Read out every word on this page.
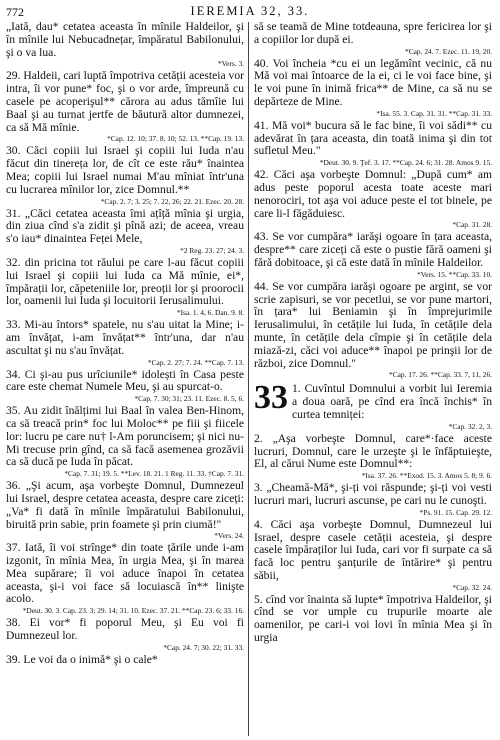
772	IEREMIA 32, 33.

„Iată, dau* cetatea aceasta în mînile Haldeilor, şi în mînile lui Nebucadnețar, împăratul Babilonului, şi o va lua.

*Vers. 3.

29. Haldeii, cari luptă împotriva cetății acesteia vor intra, îi vor pune* foc, şi o vor arde, împreună cu casele pe acoperişul** cărora au adus tămîie lui Baal şi au turnat jertfe de băutură altor dumnezei, ca să Mă mînie.

*Cap. 12. 10; 37. 8, 10; 52. 13. **Cap. 19. 13.

30. Căci copiii lui Israel şi copiii lui Iuda n'au făcut din tinereța lor, de cît ce este rău* înaintea Mea; copiii lui Israel numai M'au mîniat într'una cu lucrarea mînilor lor, zice Domnul.**

*Cap. 2. 7; 3. 25; 7. 22, 26; 22. 21. Ezec. 20. 28.

31. „Căci cetatea aceasta îmi ațîță mînia şi urgia, din ziua cînd s'a zidit şi pînă azi; de aceea, vreau s'o iau* dinaintea Feței Mele,

*2 Reg. 23. 27; 24. 3.

32. din pricina tot răului pe care l-au făcut copiii lui Israel şi copiii lui Iuda ca Mă mînie, ei*, împărații lor, căpeteniile lor, preoții lor şi proorocii lor, oamenii lui Iuda şi locuitorii Ierusalimului.

*Isa. 1. 4, 6. Dan. 9. 8.

33. Mi-au întors* spatele, nu s'au uitat la Mine; i-am învățat, i-am învățat** într'una, dar n'au ascultat şi nu s'au învățat.

*Cap. 2. 27; 7. 24. **Cap. 7. 13.

34. Ci şi-au pus urîciunile* idolești în Casa peste care este chemat Numele Meu, şi au spurcat-o.

*Cap. 7. 30; 31; 23. 11. Ezec. 8. 5, 6.

35. Au zidit înălțimi lui Baal în valea Ben-Hinom, ca să treacă prin* foc lui Moloc** pe fiii şi fiicele lor: lucru pe care nu† l-Am poruncisem; şi nici nu-Mi trecuse prin gînd, ca să facă asemenea grozăvii ca să ducă pe Iuda în păcat.

*Cap. 7. 31; 19. 5. **Lev. 18. 21. 1 Reg. 11. 33. †Cap. 7. 31.

36. „Şi acum, aşa vorbeşte Domnul, Dumnezeul lui Israel, despre cetatea aceasta, despre care ziceți: „Va* fi dată în mînile împăratului Babilonului, biruită prin sabie, prin foamete şi prin ciumă!"

*Vers. 24.

37. Iată, îi voi strînge* din toate țările unde i-am izgonit, în mînia Mea, în urgia Mea, şi în marea Mea supărare; îi voi aduce înapoi în cetatea aceasta, şi-i voi face să locuiască în** linişte acolo.

*Deut. 30. 3. Cap. 23. 3; 29. 14; 31. 10. Ezec. 37. 21. **Cap. 23. 6; 33. 16.

38. Ei vor* fi poporul Meu, şi Eu voi fi Dumnezeul lor.

*Cap. 24. 7; 30. 22; 31. 33.

39. Le voi da o inimă* şi o cale*

să se teamă de Mine totdeauna, spre fericirea lor şi a copiilor lor după ei.

*Cap. 24. 7. Ezec. 11. 19, 20.

40. Voi încheia *cu ei un legămînt vecinic, că nu Mă voi mai întoarce de la ei, ci le voi face bine, şi le voi pune în inimă frica** de Mine, ca să nu se depărteze de Mine.

*Isa. 55. 3. Cap. 31. 31. **Cap. 31. 33.

41. Mă voi* bucura să le fac bine, îi voi sădi** cu adevărat în țara aceasta, din toată inima şi din tot sufletul Meu."

*Deut. 30. 9. Ţef. 3. 17. **Cap. 24. 6; 31. 28. Amos 9. 15.

42. Căci aşa vorbeşte Domnul: „După cum* am adus peste poporul acesta toate aceste mari nenorociri, tot aşa voi aduce peste el tot binele, pe care li-l făgăduiesc.

*Cap. 31. 28.

43. Se vor cumpăra* iarăşi ogoare în țara aceasta, despre** care ziceți că este o pustie fără oameni şi fără dobitoace, şi că este dată în mînile Haldeilor.

*Vers. 15. **Cap. 33. 10.

44. Se vor cumpăra iarăşi ogoare pe argint, se vor scrie zapisuri, se vor pecetlui, se vor pune martori, în țara* lui Beniamin şi în împrejurimile Ierusalimului, în cetățile lui Iuda, în cetățile dela munte, în cetățile dela cîmpie şi în cetățile dela miază-zi, căci voi aduce** înapoi pe prinşii lor de război, zice Domnul."

*Cap. 17. 26. **Cap. 33. 7, 11, 26.

33 1. Cuvîntul Domnului a vorbit lui Ieremia a doua oară, pe cînd era încă închis* în curtea temniței:

*Cap. 32. 2, 3.

2. „Aşa vorbeşte Domnul, care*·face aceste lucruri, Domnul, care le urzeşte şi le înfăptuieşte, El, al cărui Nume este Domnul**:

*Isa. 37. 26. **Exod. 15. 3. Amos 5. 8; 9. 6.

3. „Cheamă-Mă*, şi-ți voi răspunde; şi-ți voi vesti lucruri mari, lucruri ascunse, pe cari nu le cunoşti.

*Ps. 91. 15. Cap. 29. 12.

4. Căci aşa vorbeşte Domnul, Dumnezeul lui Israel, despre casele cetății acesteia, şi despre casele împăraților lui Iuda, cari vor fi surpate ca să facă loc pentru şanțurile de întărire* şi pentru săbii,

*Cap. 32. 24.

5. cînd vor înainta să lupte* împotriva Haldeilor, şi cînd se vor umple cu trupurile moarte ale oamenilor, pe cari-i voi lovi în mînia Mea şi în urgia
